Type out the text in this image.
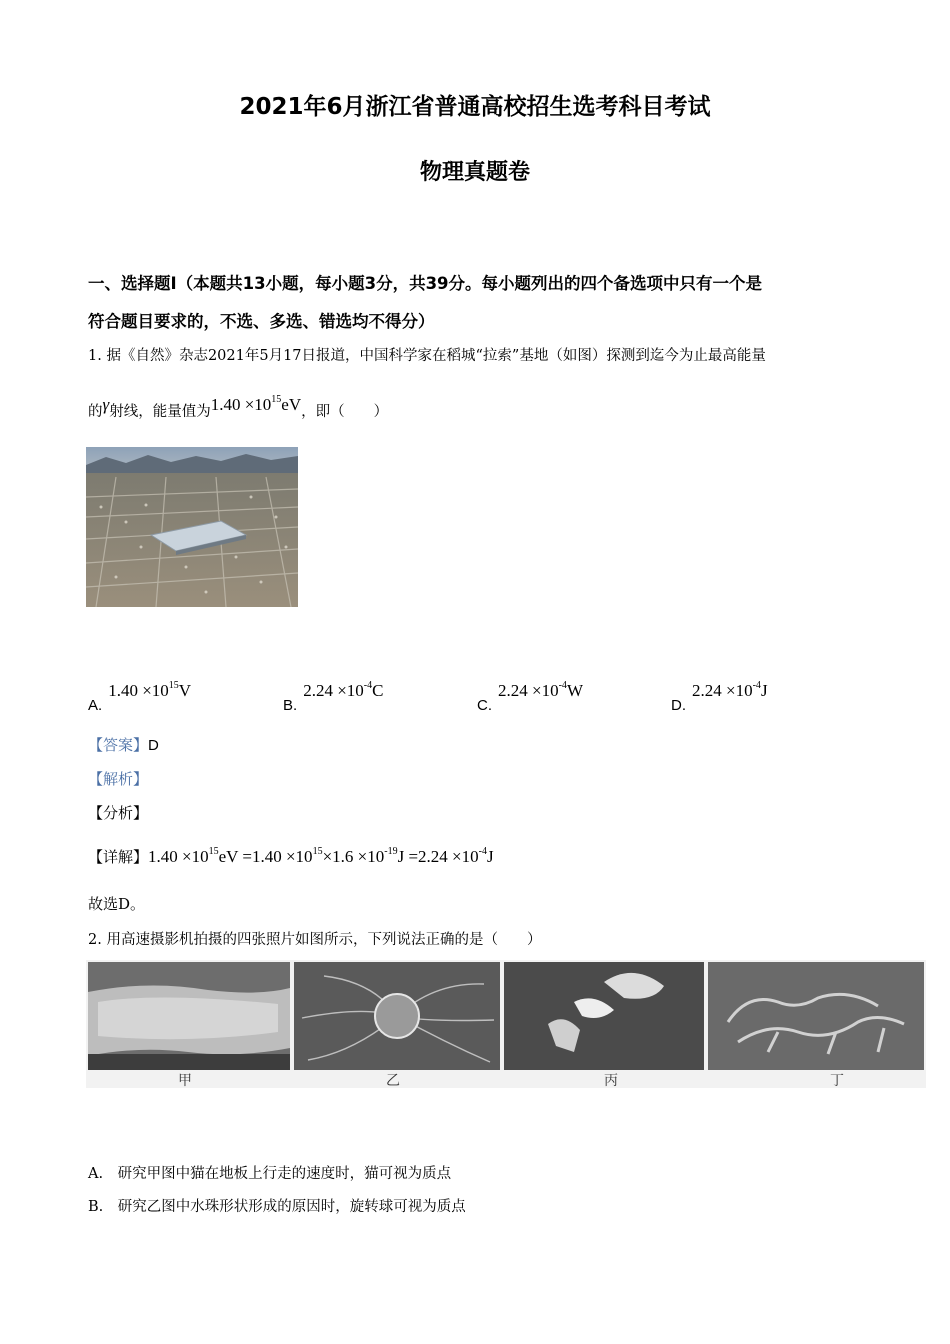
2021年6月浙江省普通高校招生选考科目考试
物理真题卷
一、选择题Ⅰ（本题共13小题，每小题3分，共39分。每小题列出的四个备选项中只有一个是
符合题目要求的，不选、多选、错选均不得分）
1. 据《自然》杂志2021年5月17日报道，中国科学家在稻城“拉索”基地（如图）探测到迄今为止最高能量
的γ射线，能量值为$1.40 \times 10^{15}eV$，即（　　）
$A.1.40 \times 10^{15}V$
$B.2.24 \times 10^{-4}C$
$C.2.24 \times 10^{-4}W$
$D.2.24 \times 10^{-4}J$
【答案】D
【解析】
【分析】
【详解】$1.40 \times 10^{15}eV =1.40 \times 10^{15}\times 1.6 \times 10^{-19}J =2.24 \times 10^{-4}J$
故选D。
2. 用高速摄影机拍摄的四张照片如图所示，下列说法正确的是（　　）
甲	乙	丙	丁
A.　研究甲图中猫在地板上行走的速度时，猫可视为质点
B.　研究乙图中水珠形状形成的原因时，旋转球可视为质点
